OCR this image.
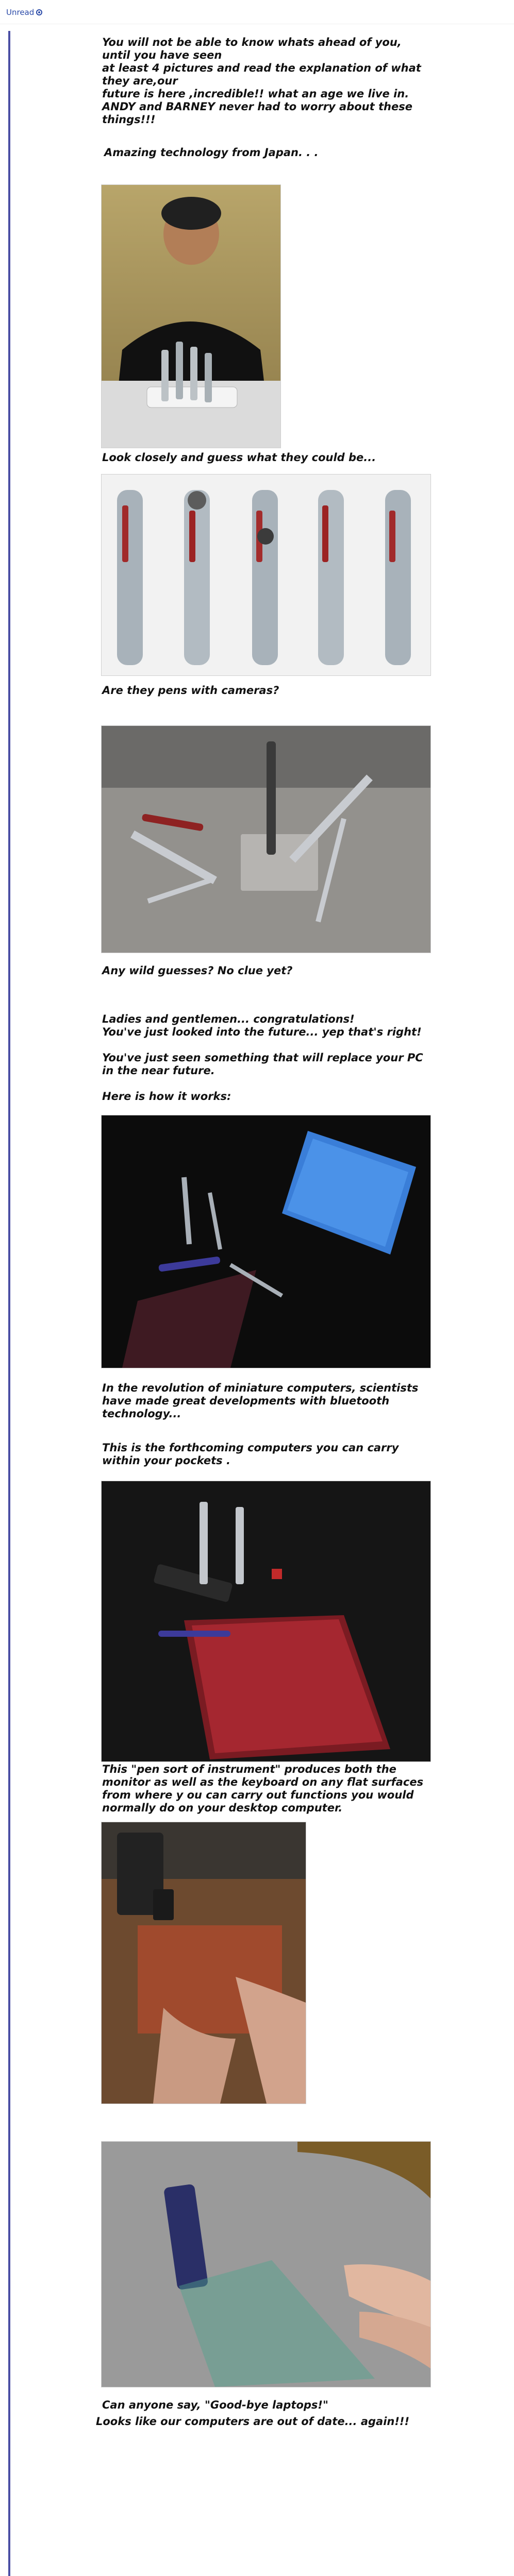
Unread

You will not be able to know whats ahead of you,

until you have seen

at least 4 pictures and read the explanation of what

they are,our

future is here ,incredible!! what an age we live in.

ANDY and BARNEY never had to worry about these

things!!!

Amazing technology from Japan. . .
Look closely and guess what they could be...
Are they pens with cameras?
Any wild guesses? No clue yet?

Ladies and gentlemen... congratulations!

You've just looked into the future... yep that's right!

You've just seen something that will replace your PC

in the near future.

Here is how it works:

In the revolution of miniature computers, scientists

have made great developments with bluetooth

technology...

This is the forthcoming computers you can carry

within your pockets .

This "pen sort of instrument" produces both the

monitor as well as the keyboard on any flat surfaces

from where y ou can carry out functions you would

normally do on your desktop computer.

Can anyone say, "Good-bye laptops!"
Looks like our computers are out of date... again!!!
